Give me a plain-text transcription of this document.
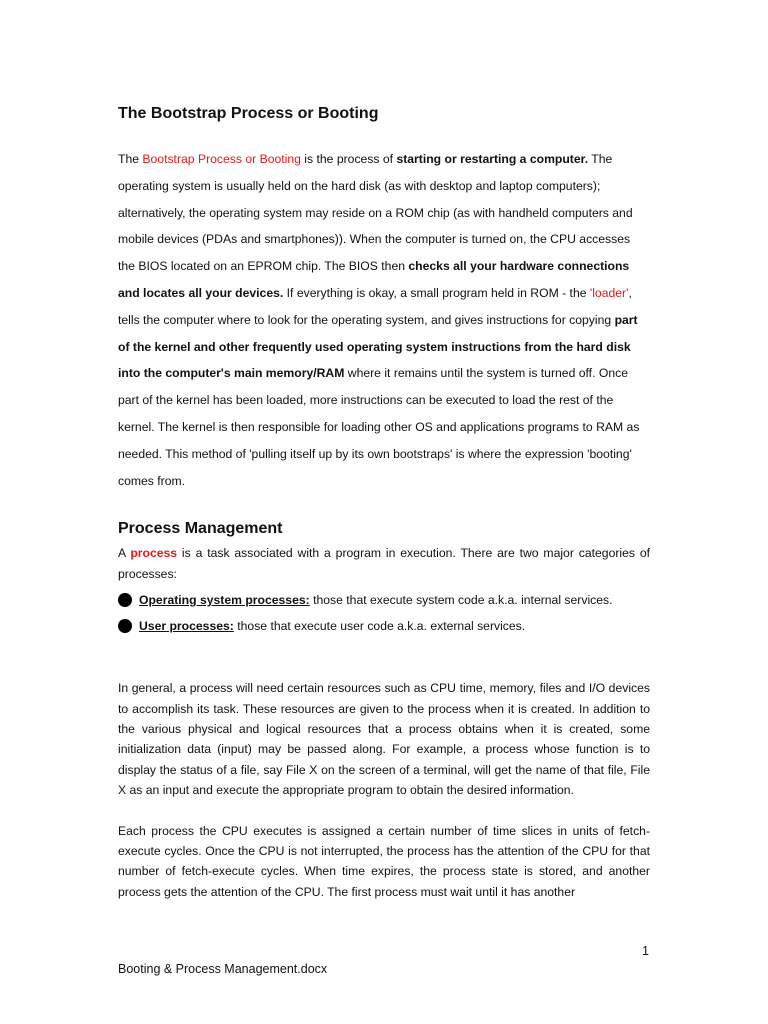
The Bootstrap Process or Booting

The Bootstrap Process or Booting is the process of starting or restarting a computer. The operating system is usually held on the hard disk (as with desktop and laptop computers); alternatively, the operating system may reside on a ROM chip (as with handheld computers and mobile devices (PDAs and smartphones)). When the computer is turned on, the CPU accesses the BIOS located on an EPROM chip. The BIOS then checks all your hardware connections and locates all your devices. If everything is okay, a small program held in ROM - the 'loader', tells the computer where to look for the operating system, and gives instructions for copying part of the kernel and other frequently used operating system instructions from the hard disk into the computer's main memory/RAM where it remains until the system is turned off. Once part of the kernel has been loaded, more instructions can be executed to load the rest of the kernel. The kernel is then responsible for loading other OS and applications programs to RAM as needed. This method of 'pulling itself up by its own bootstraps' is where the expression 'booting' comes from.

Process Management

A process is a task associated with a program in execution. There are two major categories of processes:

Operating system processes: those that execute system code a.k.a. internal services.
User processes: those that execute user code a.k.a. external services.

In general, a process will need certain resources such as CPU time, memory, files and I/O devices to accomplish its task. These resources are given to the process when it is created. In addition to the various physical and logical resources that a process obtains when it is created, some initialization data (input) may be passed along. For example, a process whose function is to display the status of a file, say File X on the screen of a terminal, will get the name of that file, File X as an input and execute the appropriate program to obtain the desired information.

Each process the CPU executes is assigned a certain number of time slices in units of fetch-execute cycles. Once the CPU is not interrupted, the process has the attention of the CPU for that number of fetch-execute cycles. When time expires, the process state is stored, and another process gets the attention of the CPU. The first process must wait until it has another

1
Booting & Process Management.docx
